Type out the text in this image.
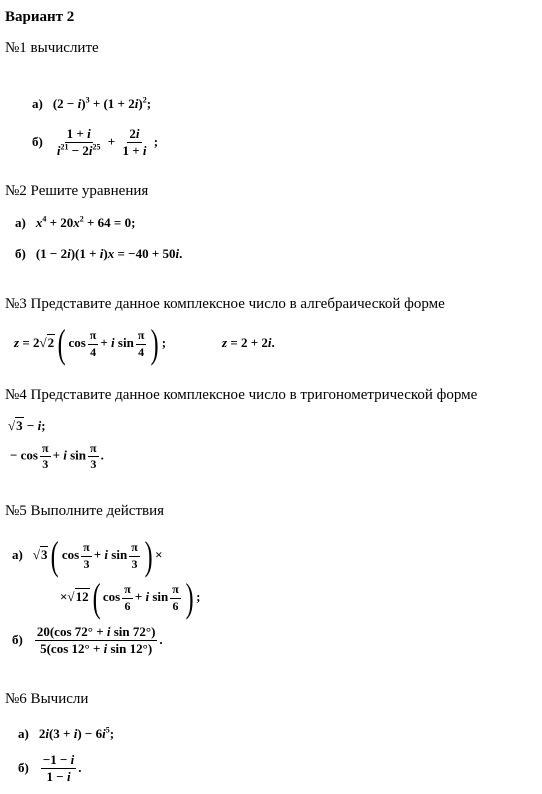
Вариант 2
№1 вычислите
а) $(2 - i)^3 + (1 + 2i)^2$;
$б) \frac{1 + i}{i^{21} - 2i^{25}} + \frac{2i}{1 + i}$ ;
№2 Решите уравнения
а) $x^4 + 20x^2 + 64 = 0$;
б) (1 − 2i)(1 + i)x = −40 + 50i.
№3 Представите данное комплексное число в алгебраической форме
z = 2√2( $\cos \frac{\pi}{4} + i$ $\sin \frac{\pi}{4}$ ) ;	z = 2 + 2i.
№4 Представите данное комплексное число в тригонометрической форме
√3 − i;
− $\cos \frac{\pi}{3} + i$ $\sin \frac{\pi}{3}$ .
№5 Выполните действия
а) √3( $\cos \frac{\pi}{3} + i$ $\sin \frac{\pi}{3}$ ) ×
×√12( $\cos \frac{\pi}{6} + i$ $\sin \frac{\pi}{6}$ ) ;
$б) \frac{\text{20(cos 72° + i sin 72°)}}{\text{5(cos 12° + i sin 12°)}}$ .
№6 Вычисли
а) $2i(3 + i) - 6i^5$;
$б) \frac{-1 - i}{1 - i}$ .
